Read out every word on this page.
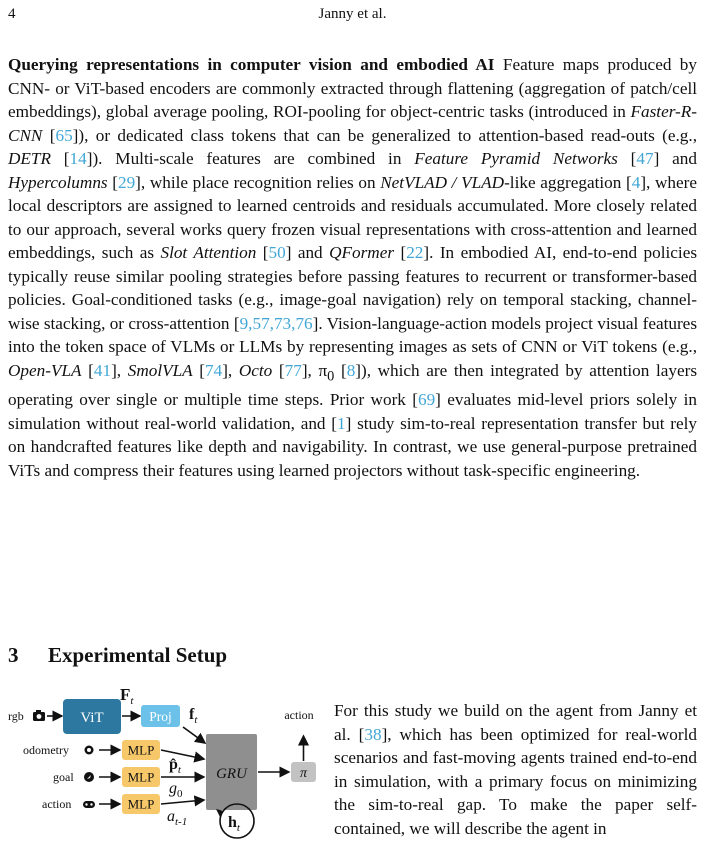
4	Janny et al.

Querying representations in computer vision and embodied AI Feature maps produced by CNN- or ViT-based encoders are commonly extracted through flattening (aggregation of patch/cell embeddings), global average pooling, ROI-pooling for object-centric tasks (introduced in Faster-R-CNN [65]), or dedicated class tokens that can be generalized to attention-based read-outs (e.g., DETR [14]). Multi-scale features are combined in Feature Pyramid Networks [47] and Hypercolumns [29], while place recognition relies on NetVLAD / VLAD-like aggregation [4], where local descriptors are assigned to learned centroids and residuals accumulated. More closely related to our approach, several works query frozen visual representations with cross-attention and learned embeddings, such as Slot Attention [50] and QFormer [22]. In embodied AI, end-to-end policies typically reuse similar pooling strategies before passing features to recurrent or transformer-based policies. Goal-conditioned tasks (e.g., image-goal navigation) rely on temporal stacking, channel-wise stacking, or cross-attention [9,57,73,76]. Vision-language-action models project visual features into the token space of VLMs or LLMs by representing images as sets of CNN or ViT tokens (e.g., Open-VLA [41], SmolVLA [74], Octo [77], $\pi_0$ [8]), which are then integrated by attention layers operating over single or multiple time steps. Prior work [69] evaluates mid-level priors solely in simulation without real-world validation, and [1] study sim-to-real representation transfer but rely on handcrafted features like depth and navigability. In contrast, we use general-purpose pretrained ViTs and compress their features using learned projectors without task-specific engineering.

3 Experimental Setup
rgb
odometry
goal
action
ViT
$F_t$
Proj $f_t$
MLP
MLP
MLP
$p̂_t$
$g_0$
$a_{t-1}$
GRU
$h_t$
π
action For this study we build on the agent from Janny et al. [38], which has been optimized for real-world scenarios and fast-moving agents trained end-to-end in simulation, with a primary focus on minimizing the sim-to-real gap. To make the paper self-contained, we will describe the agent in
